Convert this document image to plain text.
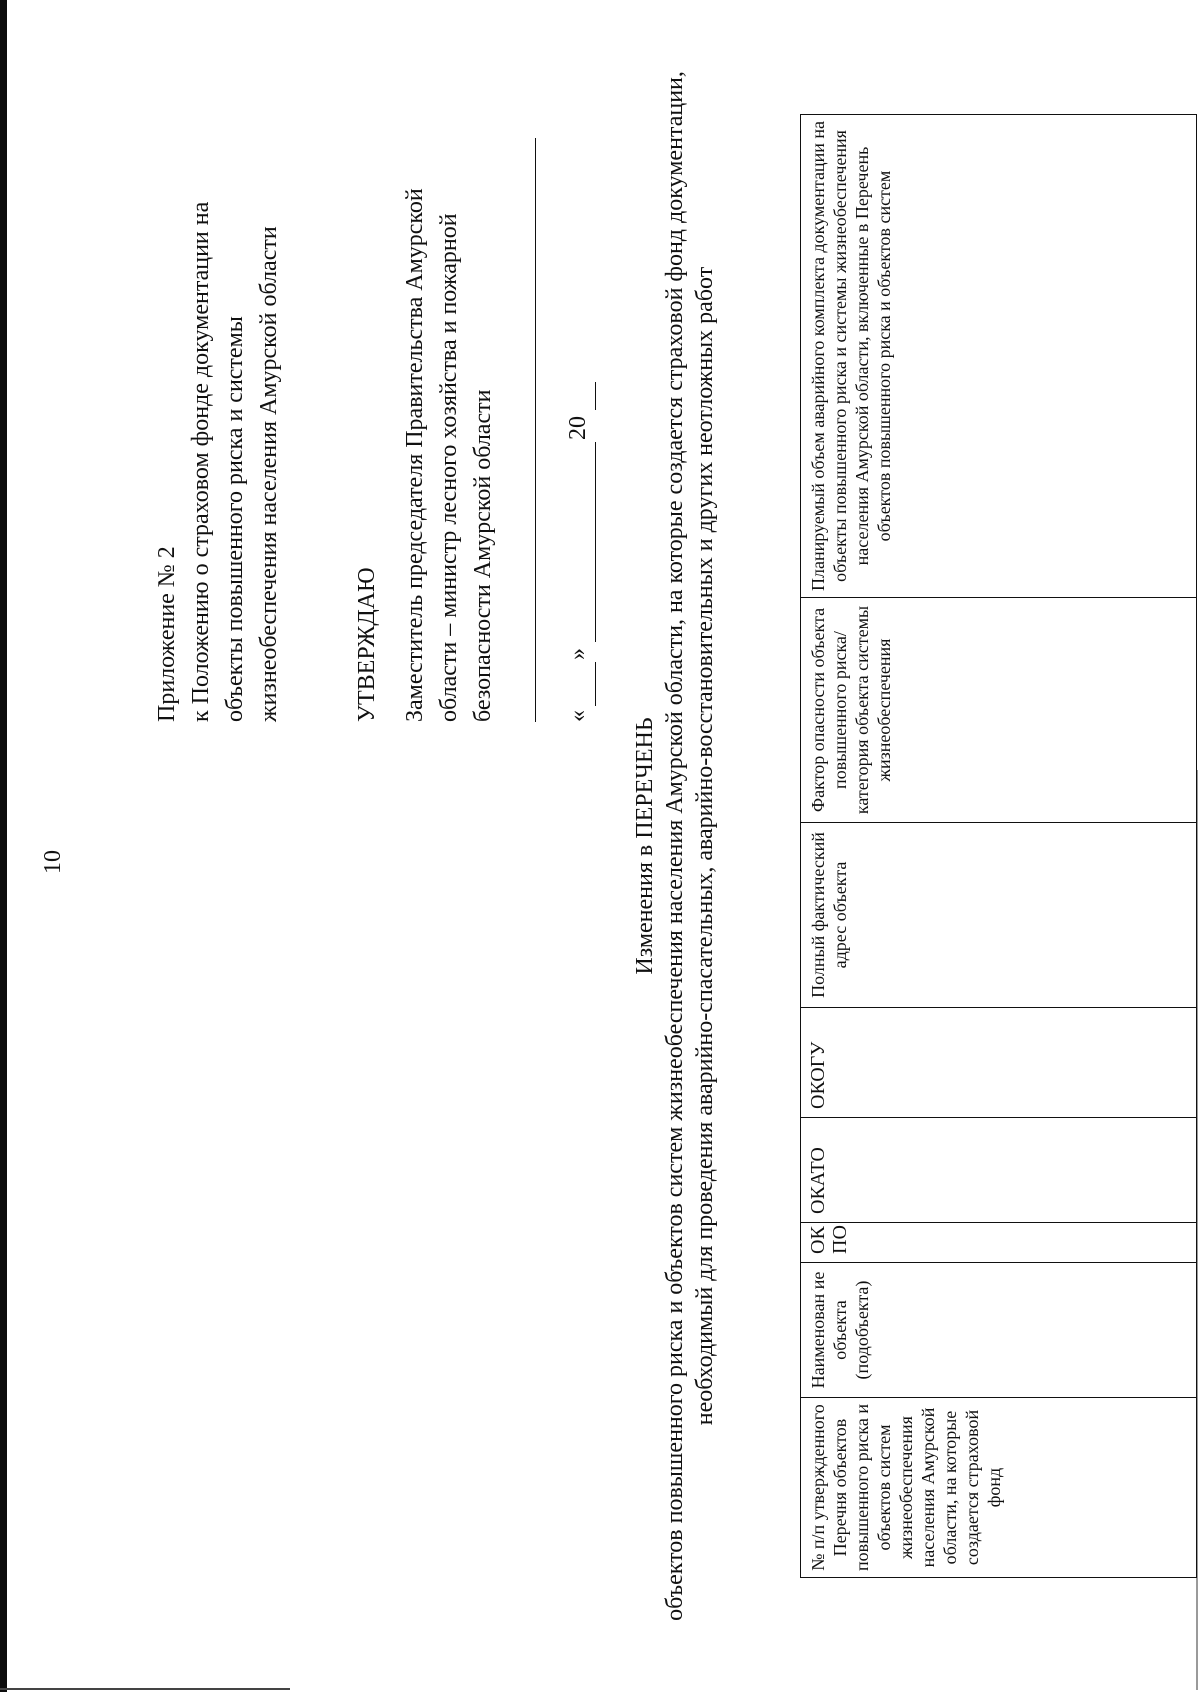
10
Приложение № 2 к Положению о страховом фонде документации на объекты повышенного риска и системы жизнеобеспечения населения Амурской области	УТВЕРЖДАЮ Заместитель председателя Правительства Амурской области – министр лесного хозяйства и пожарной безопасности Амурской области	«
»
20
Изменения в ПЕРЕЧЕНЬ объектов повышенного риска и объектов систем жизнеобеспечения населения Амурской области, на которые создается страховой фонд документации, необходимый для проведения аварийно-спасательных, аварийно-восстановительных и других неотложных работ
№ п/п утвержденного Перечня объектов повышенного риска и объектов систем жизнеобеспечения населения Амурской области, на которые создается страховой фонд	Наименован ие объекта (подобъекта)	ОК ПО	ОКАТО	ОКОГУ	Полный фактический адрес объекта	Фактор опасности объекта повышенного риска/категория объекта системы жизнеобеспечения	Планируемый объем аварийного комплекта документации на объекты повышенного риска и системы жизнеобеспечения населения Амурской области, включенные в Перечень объектов повышенного риска и объектов систем
